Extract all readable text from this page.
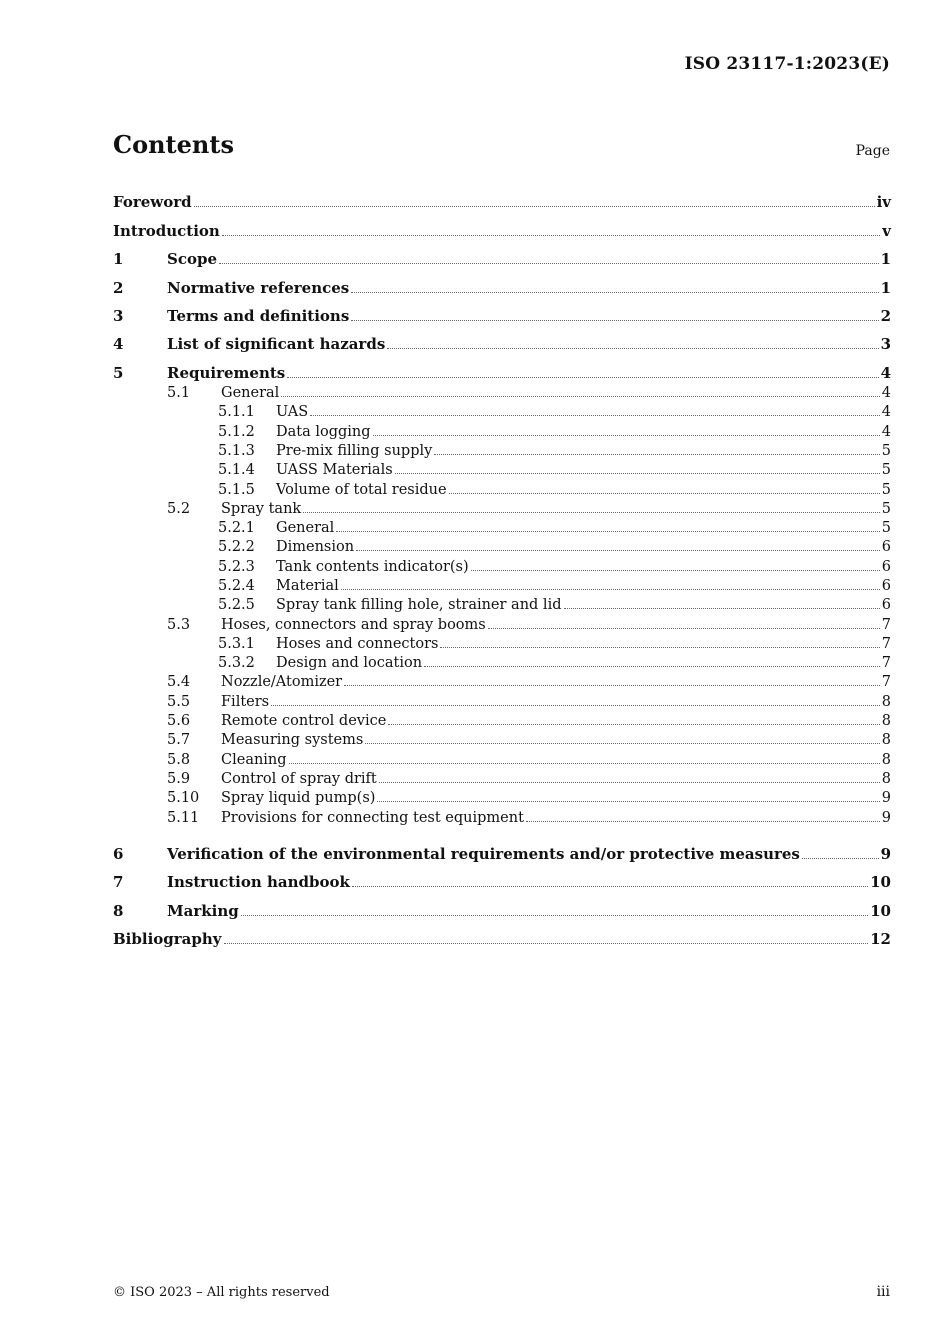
ISO 23117-1:2023(E)
Contents	Page
Foreword	iv
Introduction	v
1	Scope	1
2	Normative references	1
3	Terms and definitions	2
4	List of significant hazards	3
5	Requirements	4
5.1	General	4
5.1.1	UAS	4
5.1.2	Data logging	4
5.1.3	Pre-mix filling supply	5
5.1.4	UASS Materials	5
5.1.5	Volume of total residue	5
5.2	Spray tank	5
5.2.1	General	5
5.2.2	Dimension	6
5.2.3	Tank contents indicator(s)	6
5.2.4	Material	6
5.2.5	Spray tank filling hole, strainer and lid	6
5.3	Hoses, connectors and spray booms	7
5.3.1	Hoses and connectors	7
5.3.2	Design and location	7
5.4	Nozzle/Atomizer	7
5.5	Filters	8
5.6	Remote control device	8
5.7	Measuring systems	8
5.8	Cleaning	8
5.9	Control of spray drift	8
5.10	Spray liquid pump(s)	9
5.11	Provisions for connecting test equipment	9
6	Verification of the environmental requirements and/or protective measures	9
7	Instruction handbook	10
8	Marking	10
Bibliography	12
© ISO 2023 – All rights reserved	iii
